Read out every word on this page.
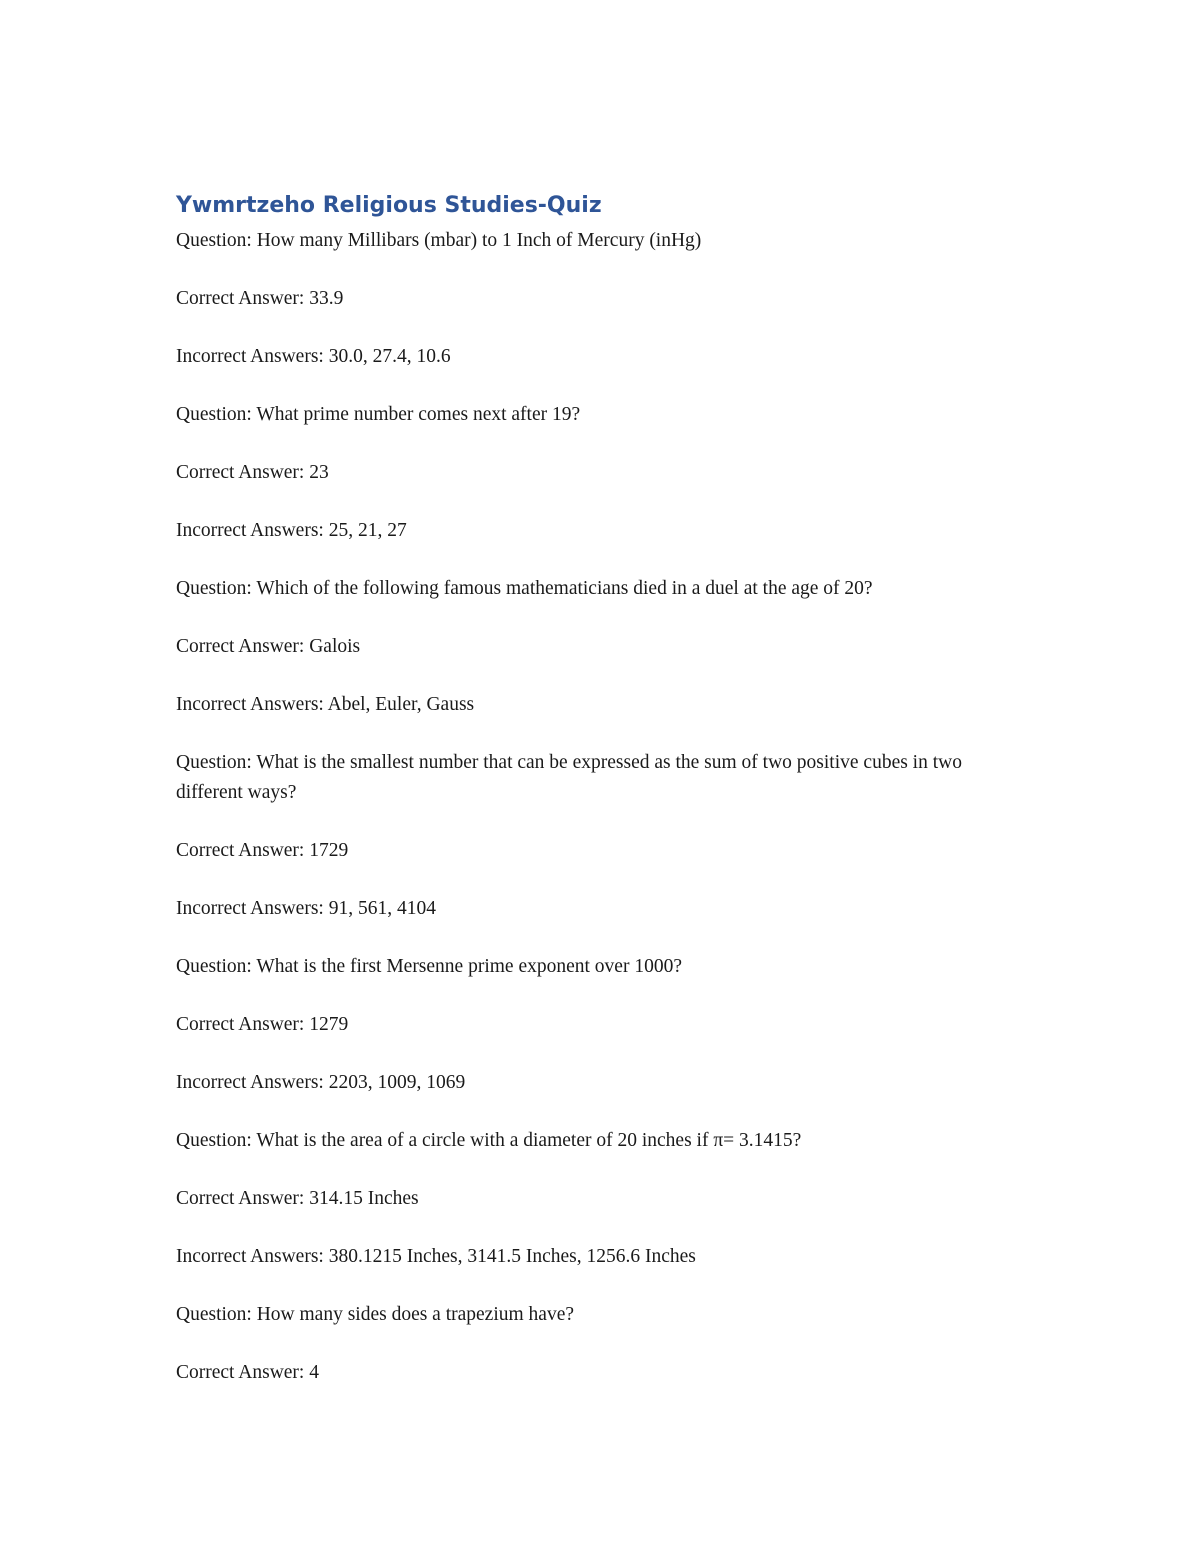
Ywmrtzeho Religious Studies-Quiz

Question: How many Millibars (mbar) to 1 Inch of Mercury (inHg)

Correct Answer: 33.9

Incorrect Answers: 30.0, 27.4, 10.6

Question: What prime number comes next after 19?

Correct Answer: 23

Incorrect Answers: 25, 21, 27

Question: Which of the following famous mathematicians died in a duel at the age of 20?

Correct Answer: Galois

Incorrect Answers: Abel, Euler, Gauss

Question: What is the smallest number that can be expressed as the sum of two positive cubes in two different ways?

Correct Answer: 1729

Incorrect Answers: 91, 561, 4104

Question: What is the first Mersenne prime exponent over 1000?

Correct Answer: 1279

Incorrect Answers: 2203, 1009, 1069

Question: What is the area of a circle with a diameter of 20 inches if π= 3.1415?

Correct Answer: 314.15 Inches

Incorrect Answers: 380.1215 Inches, 3141.5 Inches, 1256.6 Inches

Question: How many sides does a trapezium have?

Correct Answer: 4
